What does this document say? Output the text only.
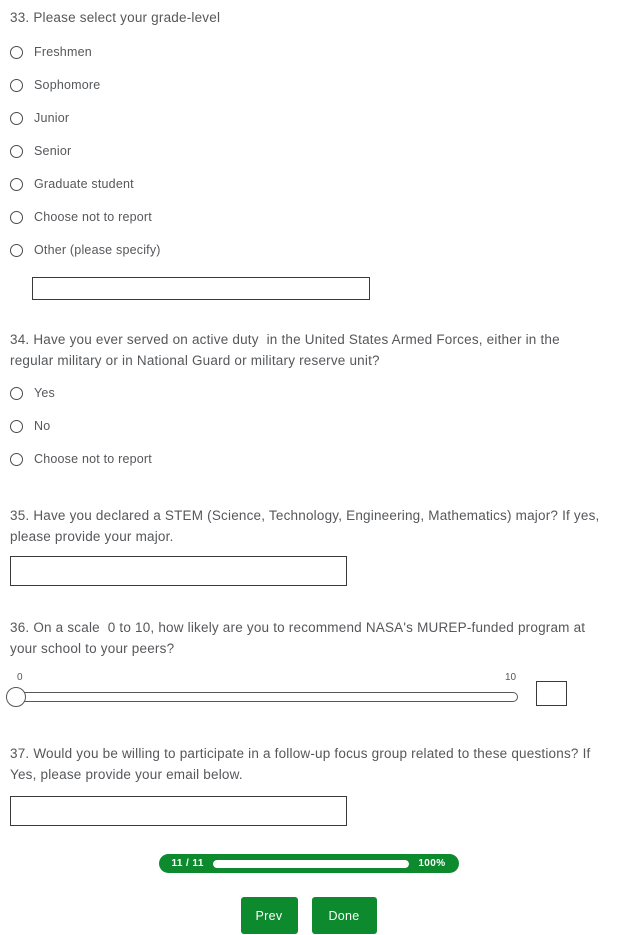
33. Please select your grade-level
Freshmen
Sophomore
Junior
Senior
Graduate student
Choose not to report
Other (please specify)
34. Have you ever served on active duty  in the United States Armed Forces, either in the regular military or in National Guard or military reserve unit?
Yes
No
Choose not to report
35. Have you declared a STEM (Science, Technology, Engineering, Mathematics) major? If yes, please provide your major.
36. On a scale  0 to 10, how likely are you to recommend NASA's MUREP-funded program at your school to your peers?
0	10
37. Would you be willing to participate in a follow-up focus group related to these questions? If Yes, please provide your email below.
11 / 11	100%
Prev	Done
